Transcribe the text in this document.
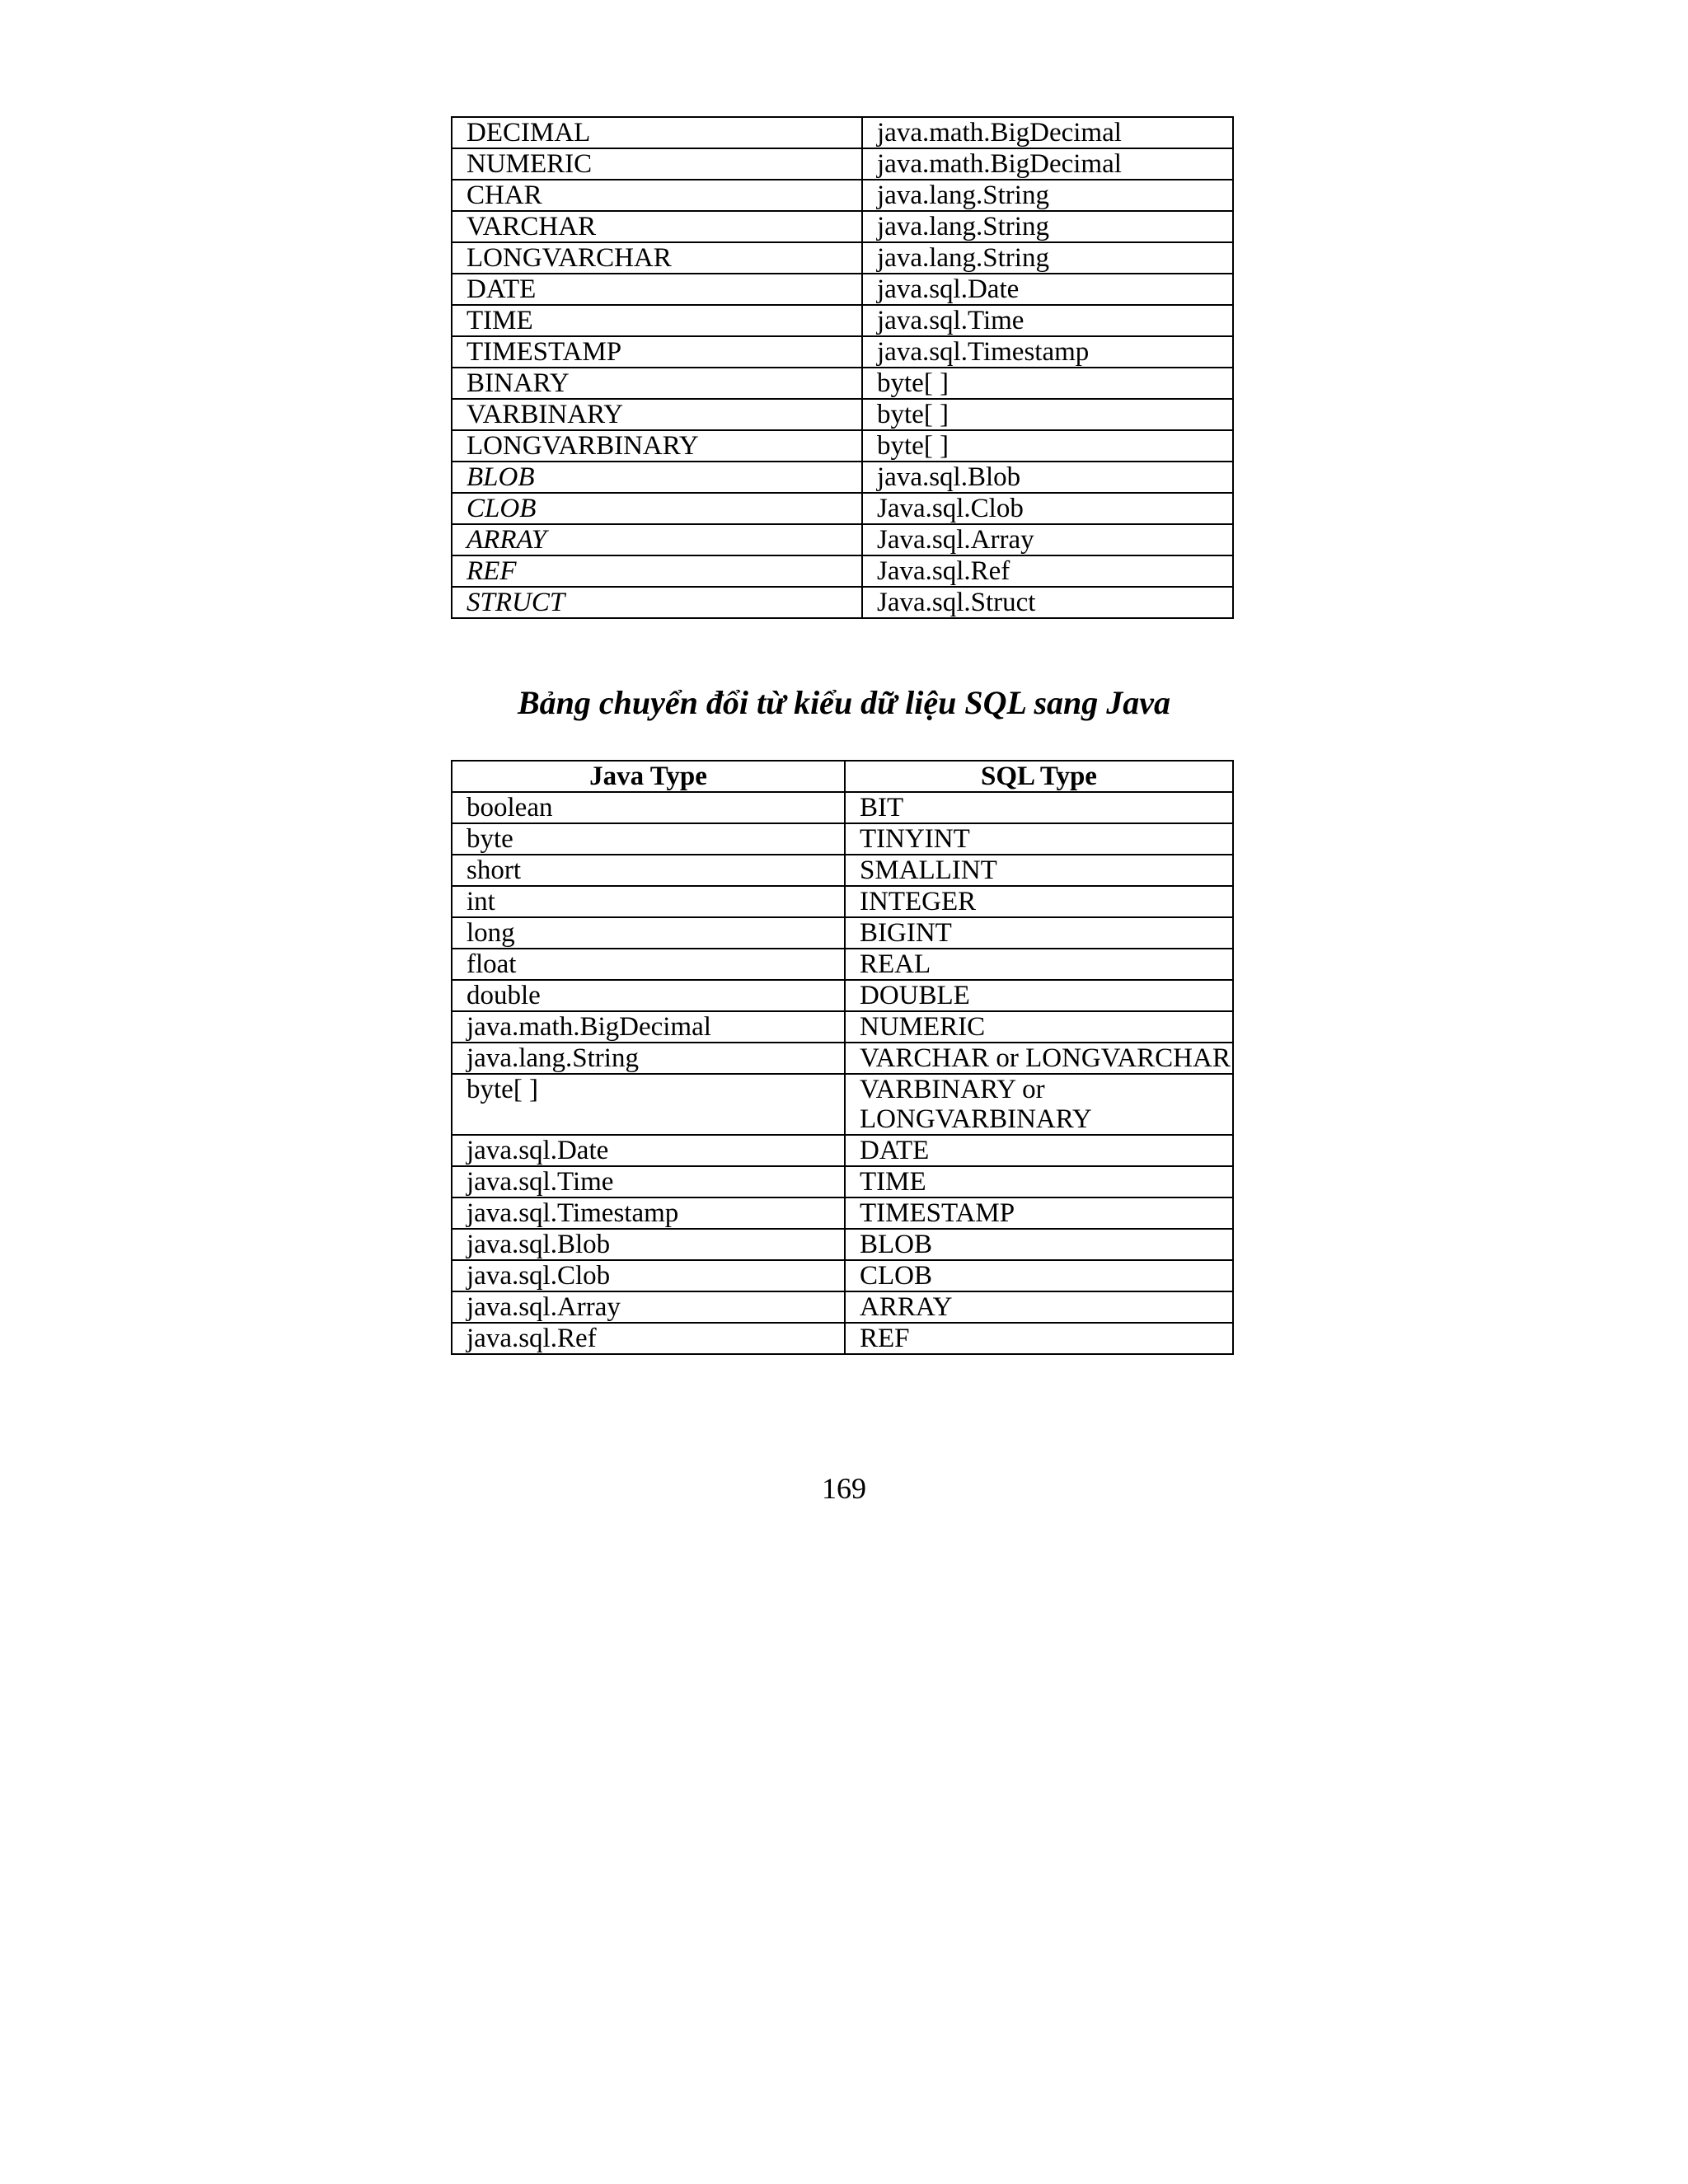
DECIMAL	java.math.BigDecimal
NUMERIC	java.math.BigDecimal
CHAR	java.lang.String
VARCHAR	java.lang.String
LONGVARCHAR	java.lang.String
DATE	java.sql.Date
TIME	java.sql.Time
TIMESTAMP	java.sql.Timestamp
BINARY	byte[ ]
VARBINARY	byte[ ]
LONGVARBINARY	byte[ ]
BLOB	java.sql.Blob
CLOB	Java.sql.Clob
ARRAY	Java.sql.Array
REF	Java.sql.Ref
STRUCT	Java.sql.Struct
Bảng chuyển đổi từ kiểu dữ liệu SQL sang Java
Java Type	SQL Type
boolean	BIT
byte	TINYINT
short	SMALLINT
int	INTEGER
long	BIGINT
float	REAL
double	DOUBLE
java.math.BigDecimal	NUMERIC
java.lang.String	VARCHAR or LONGVARCHAR
byte[ ]	VARBINARY or LONGVARBINARY
java.sql.Date	DATE
java.sql.Time	TIME
java.sql.Timestamp	TIMESTAMP
java.sql.Blob	BLOB
java.sql.Clob	CLOB
java.sql.Array	ARRAY
java.sql.Ref	REF
169
